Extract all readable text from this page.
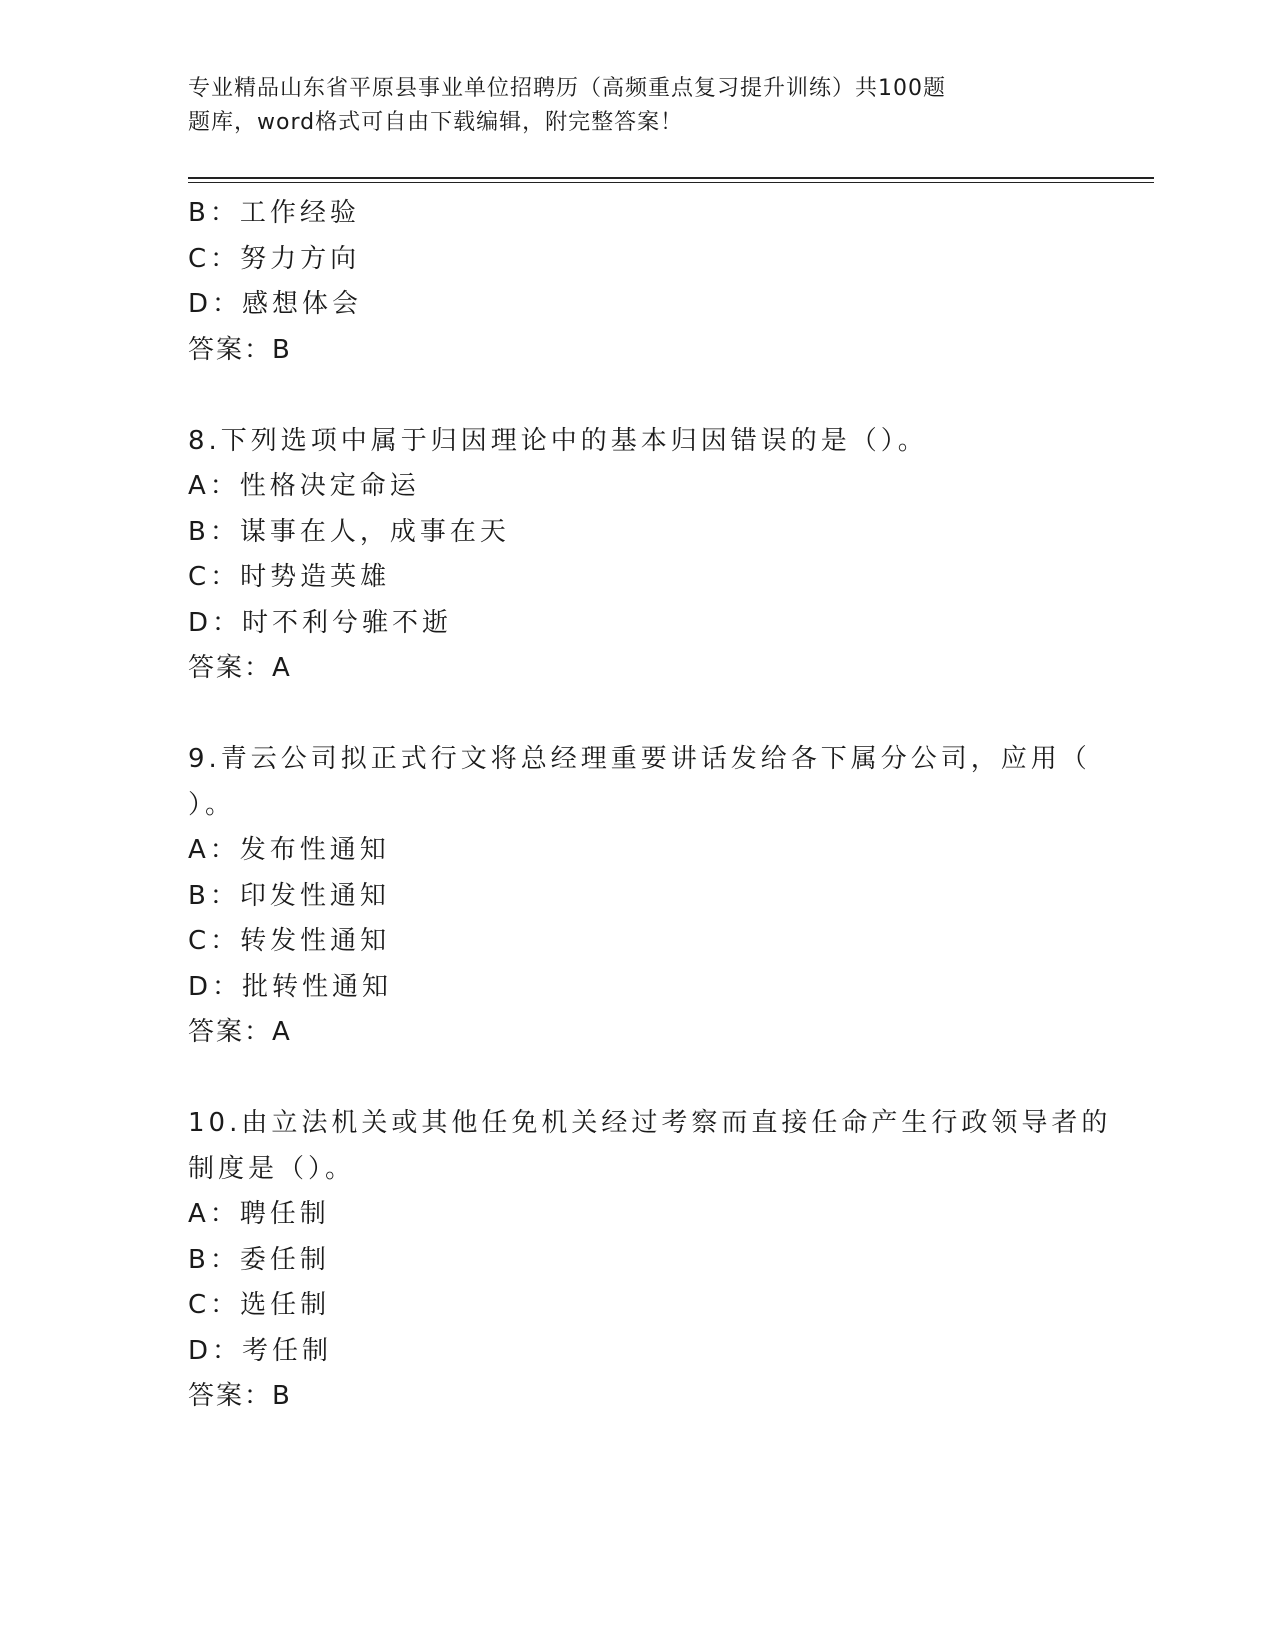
专业精品山东省平原县事业单位招聘历（高频重点复习提升训练）共100题
题库，word格式可自由下载编辑，附完整答案！
B：工作经验
C：努力方向
D：感想体会
答案：B
8.下列选项中属于归因理论中的基本归因错误的是（）。
A：性格决定命运
B：谋事在人，成事在天
C：时势造英雄
D：时不利兮骓不逝
答案：A
9.青云公司拟正式行文将总经理重要讲话发给各下属分公司，应用（
）。
A：发布性通知
B：印发性通知
C：转发性通知
D：批转性通知
答案：A
10.由立法机关或其他任免机关经过考察而直接任命产生行政领导者的
制度是（）。
A：聘任制
B：委任制
C：选任制
D：考任制
答案：B
